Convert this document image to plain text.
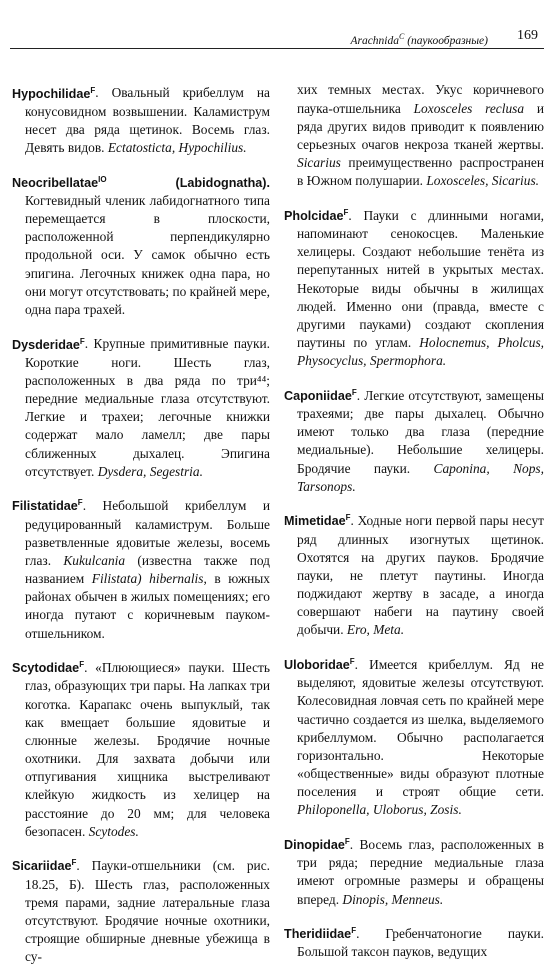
Arachnida$^C$ (паукообразные) 169

Hypochilidae$^F$. Овальный крибеллум на конусовидном возвышении. Каламиструм несет два ряда щетинок. Восемь глаз. Девять видов. Ectatosticta, Hypochilius.

Neocribellatae$^{IO}$ (Labidognatha). Когтевидный членик лабидогнатного типа перемещается в плоскости, расположенной перпендикулярно продольной оси. У самок обычно есть эпигина. Легочных книжек одна пара, но они могут отсутствовать; по крайней мере, одна пара трахей.

Dysderidae$^F$. Крупные примитивные пауки. Короткие ноги. Шесть глаз, расположенных в два ряда по три⁴⁴; передние медиальные глаза отсутствуют. Легкие и трахеи; легочные книжки содержат мало ламелл; две пары сближенных дыхалец. Эпигина отсутствует. Dysdera, Segestria.

Filistatidae$^F$. Небольшой крибеллум и редуцированный каламиструм. Больше разветвленные ядовитые железы, восемь глаз. Kukulcania (известна также под названием Filistata) hibernalis, в южных районах обычен в жилых помещениях; его иногда путают с коричневым пауком-отшельником.

Scytodidae$^F$. «Плюющиеся» пауки. Шесть глаз, образующих три пары. На лапках три коготка. Карапакс очень выпуклый, так как вмещает большие ядовитые и слюнные железы. Бродячие ночные охотники. Для захвата добычи или отпугивания хищника выстреливают клейкую жидкость из хелицер на расстояние до 20 мм; для человека безопасен. Scytodes.

Sicariidae$^F$. Пауки-отшельники (см. рис. 18.25, Б). Шесть глаз, расположенных тремя парами, задние латеральные глаза отсутствуют. Бродячие ночные охотники, строящие обширные дневные убежища в су-

хих темных местах. Укус коричневого паука-отшельника Loxosceles reclusa и ряда других видов приводит к появлению серьезных очагов некроза тканей жертвы. Sicarius преимущественно распространен в Южном полушарии. Loxosceles, Sicarius.

Pholcidae$^F$. Пауки с длинными ногами, напоминают сенокосцев. Маленькие хелицеры. Создают небольшие тенёта из перепутанных нитей в укрытых местах. Некоторые виды обычны в жилищах людей. Именно они (правда, вместе с другими пауками) создают скопления паутины по углам. Holocnemus, Pholcus, Physocyclus, Spermophora.

Caponiidae$^F$. Легкие отсутствуют, замещены трахеями; две пары дыхалец. Обычно имеют только два глаза (передние медиальные). Небольшие хелицеры. Бродячие пауки. Caponina, Nops, Tarsonops.

Mimetidae$^F$. Ходные ноги первой пары несут ряд длинных изогнутых щетинок. Охотятся на других пауков. Бродячие пауки, не плетут паутины. Иногда поджидают жертву в засаде, а иногда совершают набеги на паутину своей добычи. Ero, Meta.

Uloboridae$^F$. Имеется крибеллум. Яд не выделяют, ядовитые железы отсутствуют. Колесовидная ловчая сеть по крайней мере частично создается из шелка, выделяемого крибеллумом. Обычно располагается горизонтально. Некоторые «общественные» виды образуют плотные поселения и строят общие сети. Philoponella, Uloborus, Zosis.

Dinopidae$^F$. Восемь глаз, расположенных в три ряда; передние медиальные глаза имеют огромные размеры и обращены вперед. Dinopis, Menneus.

Theridiidae$^F$. Гребенчатоногие пауки. Большой таксон пауков, ведущих
